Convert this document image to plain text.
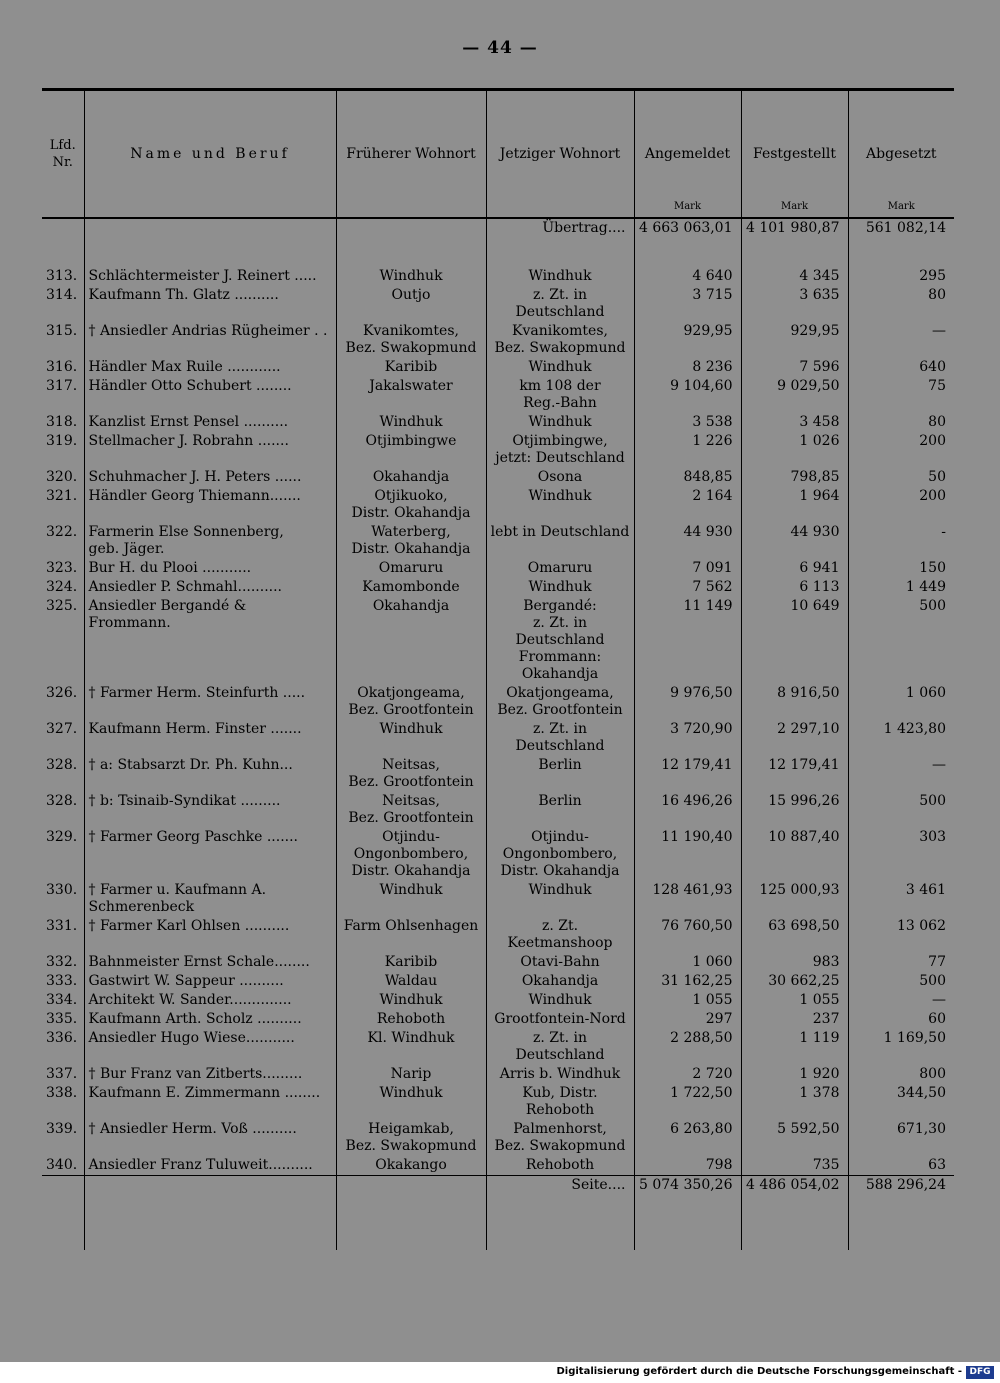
— 44 —
Lfd.
Nr.	Name und Beruf	Früherer Wohnort	Jetziger Wohnort	Angemeldet
Mark	Festgestellt
Mark	Abgesetzt
Mark

			Übertrag....	4 663 063,01	4 101 980,87	561 082,14
313.	Schlächtermeister J. Reinert .....	Windhuk	Windhuk	4 640	4 345	295
314.	Kaufmann Th. Glatz ..........	Outjo	z. Zt. in Deutschland	3 715	3 635	80
315.	† Ansiedler Andrias Rügheimer . .	Kvanikomtes,
Bez. Swakopmund	Kvanikomtes,
Bez. Swakopmund	929,95	929,95	—
316.	Händler Max Ruile ............	Karibib	Windhuk	8 236	7 596	640
317.	Händler Otto Schubert ........	Jakalswater	km 108 der
Reg.-Bahn	9 104,60	9 029,50	75
318.	Kanzlist Ernst Pensel ..........	Windhuk	Windhuk	3 538	3 458	80
319.	Stellmacher J. Robrahn .......	Otjimbingwe	Otjimbingwe,
jetzt: Deutschland	1 226	1 026	200
320.	Schuhmacher J. H. Peters ......	Okahandja	Osona	848,85	798,85	50
321.	Händler Georg Thiemann.......	Otjikuoko,
Distr. Okahandja	Windhuk	2 164	1 964	200
322.	Farmerin Else Sonnenberg,
geb. Jäger.	Waterberg,
Distr. Okahandja	lebt in Deutschland	44 930	44 930	-
323.	Bur H. du Plooi ...........	Omaruru	Omaruru	7 091	6 941	150
324.	Ansiedler P. Schmahl..........	Kamombonde	Windhuk	7 562	6 113	1 449
325.	Ansiedler Bergandé & Frommann.	Okahandja	Bergandé:
z. Zt. in Deutschland
Frommann:
Okahandja	11 149	10 649	500
326.	† Farmer Herm. Steinfurth .....	Okatjongeama,
Bez. Grootfontein	Okatjongeama,
Bez. Grootfontein	9 976,50	8 916,50	1 060
327.	Kaufmann Herm. Finster .......	Windhuk	z. Zt. in Deutschland	3 720,90	2 297,10	1 423,80
328.	† a: Stabsarzt Dr. Ph. Kuhn...	Neitsas,
Bez. Grootfontein	Berlin	12 179,41	12 179,41	—
328.	† b: Tsinaib-Syndikat .........	Neitsas,
Bez. Grootfontein	Berlin	16 496,26	15 996,26	500
329.	† Farmer Georg Paschke .......	Otjindu-
Ongonbombero,
Distr. Okahandja	Otjindu-
Ongonbombero,
Distr. Okahandja	11 190,40	10 887,40	303
330.	† Farmer u. Kaufmann A. Schmerenbeck	Windhuk	Windhuk	128 461,93	125 000,93	3 461
331.	† Farmer Karl Ohlsen ..........	Farm Ohlsenhagen	z. Zt. Keetmanshoop	76 760,50	63 698,50	13 062
332.	Bahnmeister Ernst Schale........	Karibib	Otavi-Bahn	1 060	983	77
333.	Gastwirt W. Sappeur ..........	Waldau	Okahandja	31 162,25	30 662,25	500
334.	Architekt W. Sander..............	Windhuk	Windhuk	1 055	1 055	—
335.	Kaufmann Arth. Scholz ..........	Rehoboth	Grootfontein-Nord	297	237	60
336.	Ansiedler Hugo Wiese...........	Kl. Windhuk	z. Zt. in Deutschland	2 288,50	1 119	1 169,50
337.	† Bur Franz van Zitberts.........	Narip	Arris b. Windhuk	2 720	1 920	800
338.	Kaufmann E. Zimmermann ........	Windhuk	Kub, Distr. Rehoboth	1 722,50	1 378	344,50
339.	† Ansiedler Herm. Voß ..........	Heigamkab,
Bez. Swakopmund	Palmenhorst,
Bez. Swakopmund	6 263,80	5 592,50	671,30
340.	Ansiedler Franz Tuluweit..........	Okakango	Rehoboth	798	735	63
			Seite....	5 074 350,26	4 486 054,02	588 296,24

Digitalisierung gefördert durch die Deutsche Forschungsgemeinschaft - DFG
